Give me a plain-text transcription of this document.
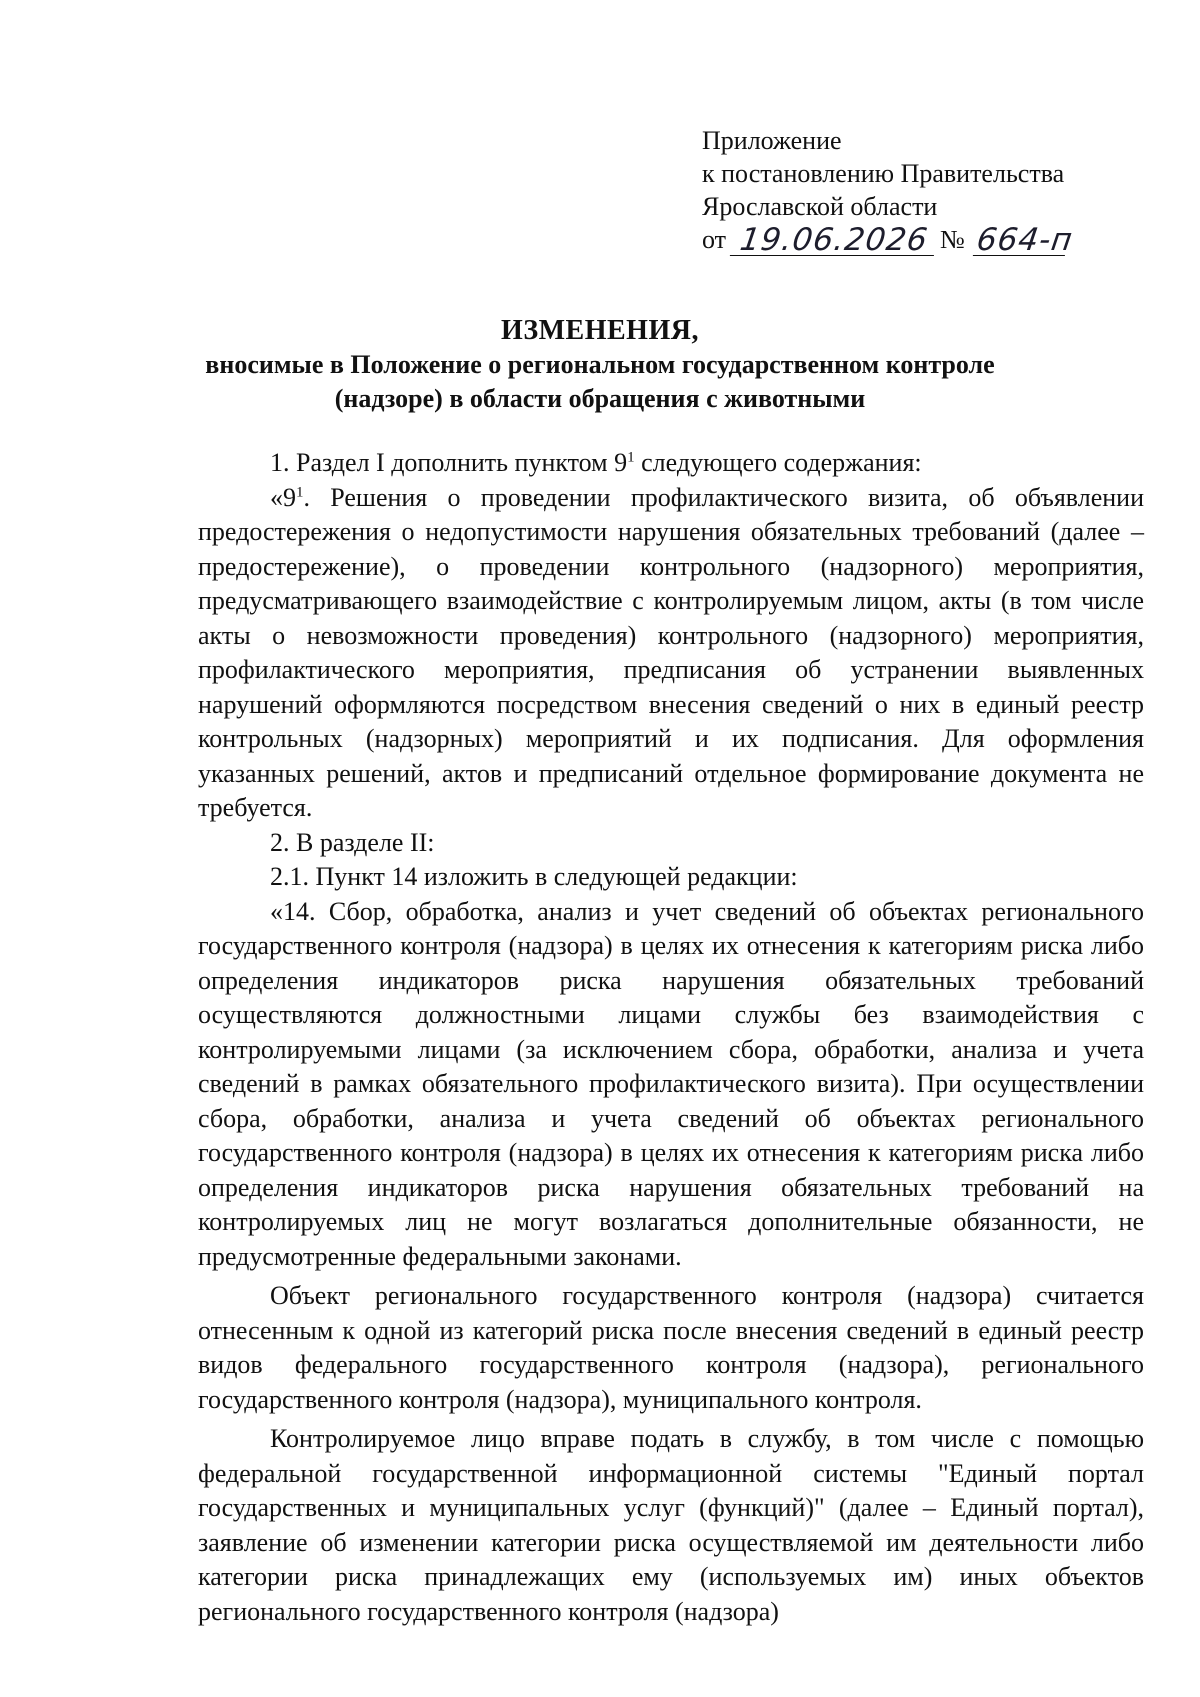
Приложение
к постановлению Правительства
Ярославской области
от 19.06.2026 № 664-п
ИЗМЕНЕНИЯ,
вносимые в Положение о региональном государственном контроле
(надзоре) в области обращения с животными

1. Раздел I дополнить пунктом $9^1$ следующего содержания:

«$9^1$. Решения о проведении профилактического визита, об объявлении предостережения о недопустимости нарушения обязательных требований (далее – предостережение), о проведении контрольного (надзорного) мероприятия, предусматривающего взаимодействие с контролируемым лицом, акты (в том числе акты о невозможности проведения) контрольного (надзорного) мероприятия, профилактического мероприятия, предписания об устранении выявленных нарушений оформляются посредством внесения сведений о них в единый реестр контрольных (надзорных) мероприятий и их подписания. Для оформления указанных решений, актов и предписаний отдельное формирование документа не требуется.

2. В разделе II:

2.1. Пункт 14 изложить в следующей редакции:

«14. Сбор, обработка, анализ и учет сведений об объектах регионального государственного контроля (надзора) в целях их отнесения к категориям риска либо определения индикаторов риска нарушения обязательных требований осуществляются должностными лицами службы без взаимодействия с контролируемыми лицами (за исключением сбора, обработки, анализа и учета сведений в рамках обязательного профилактического визита). При осуществлении сбора, обработки, анализа и учета сведений об объектах регионального государственного контроля (надзора) в целях их отнесения к категориям риска либо определения индикаторов риска нарушения обязательных требований на контролируемых лиц не могут возлагаться дополнительные обязанности, не предусмотренные федеральными законами.

Объект регионального государственного контроля (надзора) считается отнесенным к одной из категорий риска после внесения сведений в единый реестр видов федерального государственного контроля (надзора), регионального государственного контроля (надзора), муниципального контроля.

Контролируемое лицо вправе подать в службу, в том числе с помощью федеральной государственной информационной системы "Единый портал государственных и муниципальных услуг (функций)" (далее – Единый портал), заявление об изменении категории риска осуществляемой им деятельности либо категории риска принадлежащих ему (используемых им) иных объектов регионального государственного контроля (надзора)
